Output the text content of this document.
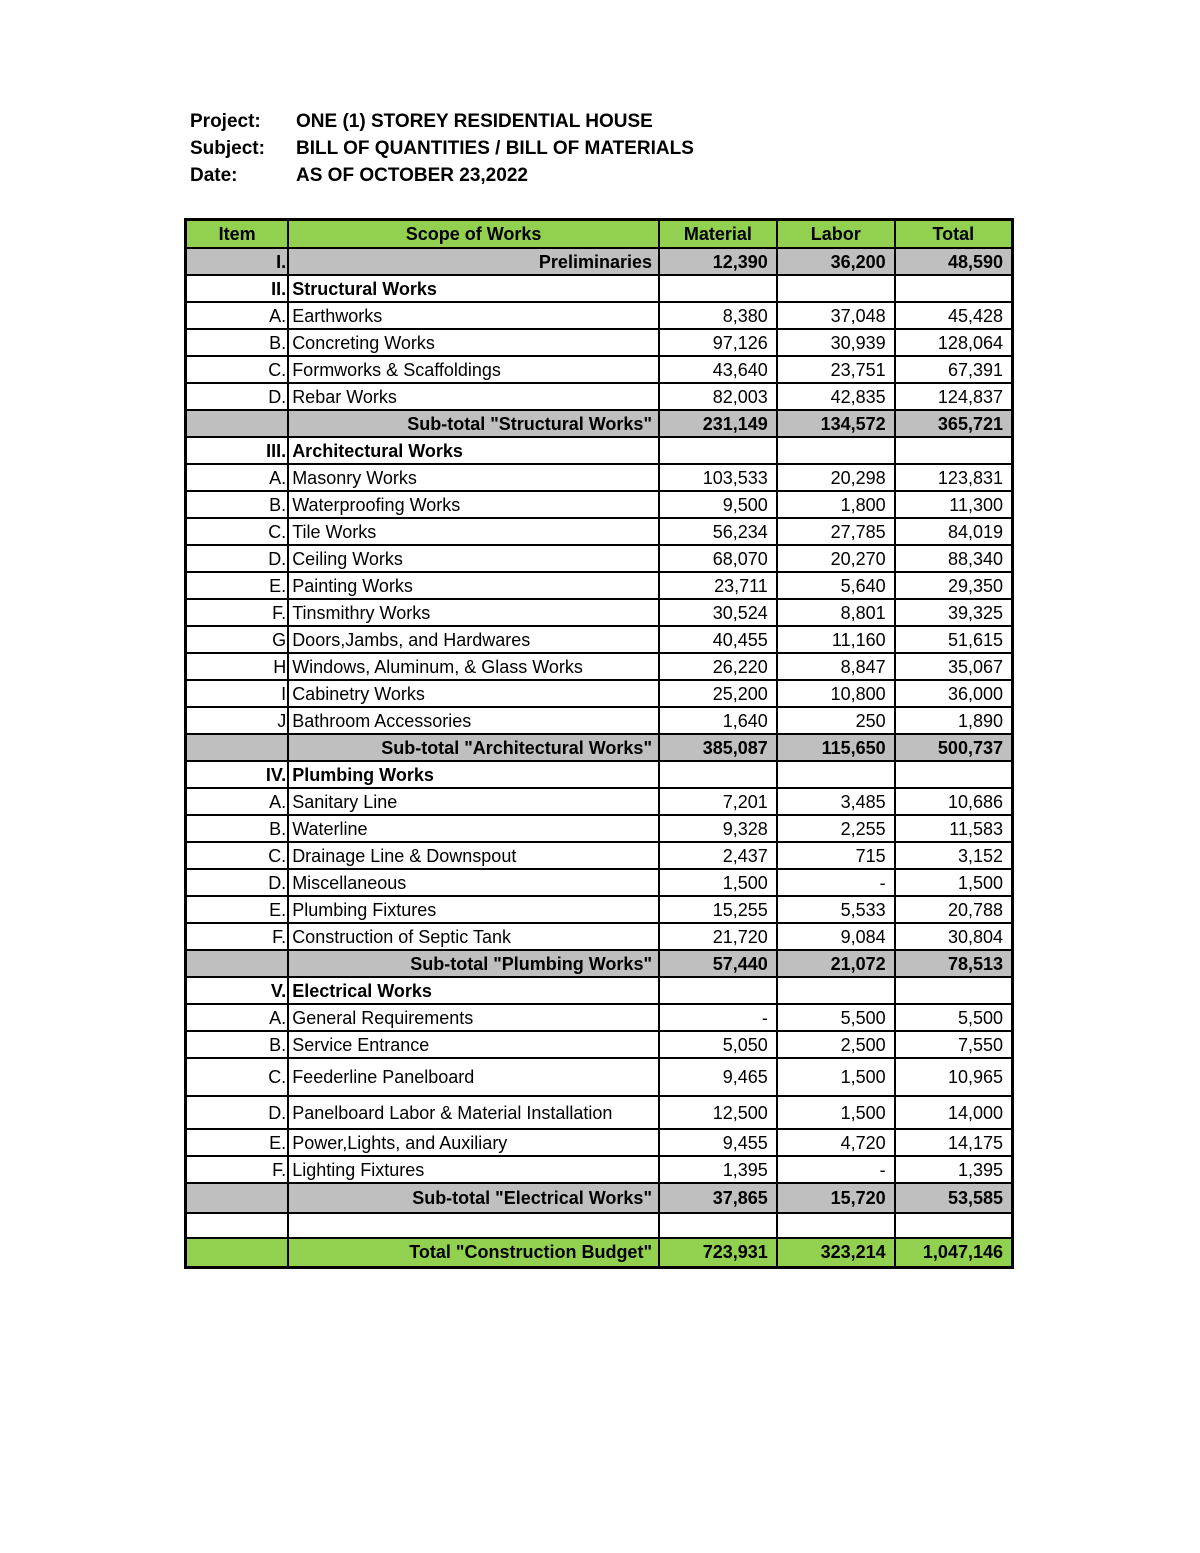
Project:	ONE (1) STOREY RESIDENTIAL HOUSE
Subject:	BILL OF QUANTITIES / BILL OF MATERIALS
Date:	AS OF OCTOBER 23,2022
Item	Scope of Works	Material	Labor	Total
I.	Preliminaries	12,390	36,200	48,590
II.	Structural Works			
A.	Earthworks	8,380	37,048	45,428
B.	Concreting Works	97,126	30,939	128,064
C.	Formworks & Scaffoldings	43,640	23,751	67,391
D.	Rebar Works	82,003	42,835	124,837
	Sub-total "Structural Works"	231,149	134,572	365,721
III.	Architectural Works			
A.	Masonry Works	103,533	20,298	123,831
B.	Waterproofing Works	9,500	1,800	11,300
C.	Tile Works	56,234	27,785	84,019
D.	Ceiling Works	68,070	20,270	88,340
E.	Painting Works	23,711	5,640	29,350
F.	Tinsmithry Works	30,524	8,801	39,325
G	Doors,Jambs, and Hardwares	40,455	11,160	51,615
H	Windows, Aluminum, & Glass Works	26,220	8,847	35,067
I	Cabinetry Works	25,200	10,800	36,000
J	Bathroom Accessories	1,640	250	1,890
	Sub-total "Architectural Works"	385,087	115,650	500,737
IV.	Plumbing Works			
A.	Sanitary Line	7,201	3,485	10,686
B.	Waterline	9,328	2,255	11,583
C.	Drainage Line & Downspout	2,437	715	3,152
D.	Miscellaneous	1,500	-	1,500
E.	Plumbing Fixtures	15,255	5,533	20,788
F.	Construction of Septic Tank	21,720	9,084	30,804
	Sub-total "Plumbing Works"	57,440	21,072	78,513
V.	Electrical Works			
A.	General Requirements	-	5,500	5,500
B.	Service Entrance	5,050	2,500	7,550
C.	Feederline Panelboard	9,465	1,500	10,965
D.	Panelboard Labor & Material Installation	12,500	1,500	14,000
E.	Power,Lights, and Auxiliary	9,455	4,720	14,175
F.	Lighting Fixtures	1,395	-	1,395
	Sub-total "Electrical Works"	37,865	15,720	53,585

	Total "Construction Budget"	723,931	323,214	1,047,146
